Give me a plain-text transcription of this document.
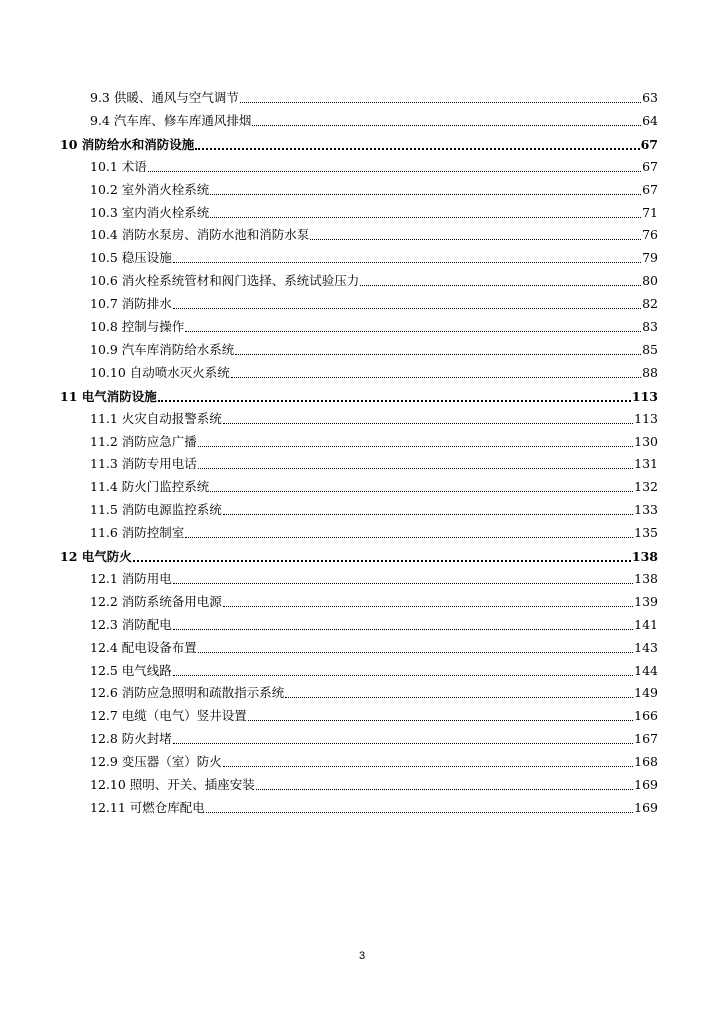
9.3 供暖、通风与空气调节	63
9.4 汽车库、修车库通风排烟	64
10 消防给水和消防设施	67
10.1 术语	67
10.2 室外消火栓系统	67
10.3 室内消火栓系统	71
10.4 消防水泵房、消防水池和消防水泵	76
10.5 稳压设施	79
10.6 消火栓系统管材和阀门选择、系统试验压力	80
10.7 消防排水	82
10.8 控制与操作	83
10.9 汽车库消防给水系统	85
10.10 自动喷水灭火系统	88
11 电气消防设施	113
11.1 火灾自动报警系统	113
11.2 消防应急广播	130
11.3 消防专用电话	131
11.4 防火门监控系统	132
11.5 消防电源监控系统	133
11.6 消防控制室	135
12 电气防火	138
12.1 消防用电	138
12.2 消防系统备用电源	139
12.3 消防配电	141
12.4 配电设备布置	143
12.5 电气线路	144
12.6 消防应急照明和疏散指示系统	149
12.7 电缆（电气）竖井设置	166
12.8 防火封堵	167
12.9 变压器（室）防火	168
12.10 照明、开关、插座安装	169
12.11 可燃仓库配电	169
3
